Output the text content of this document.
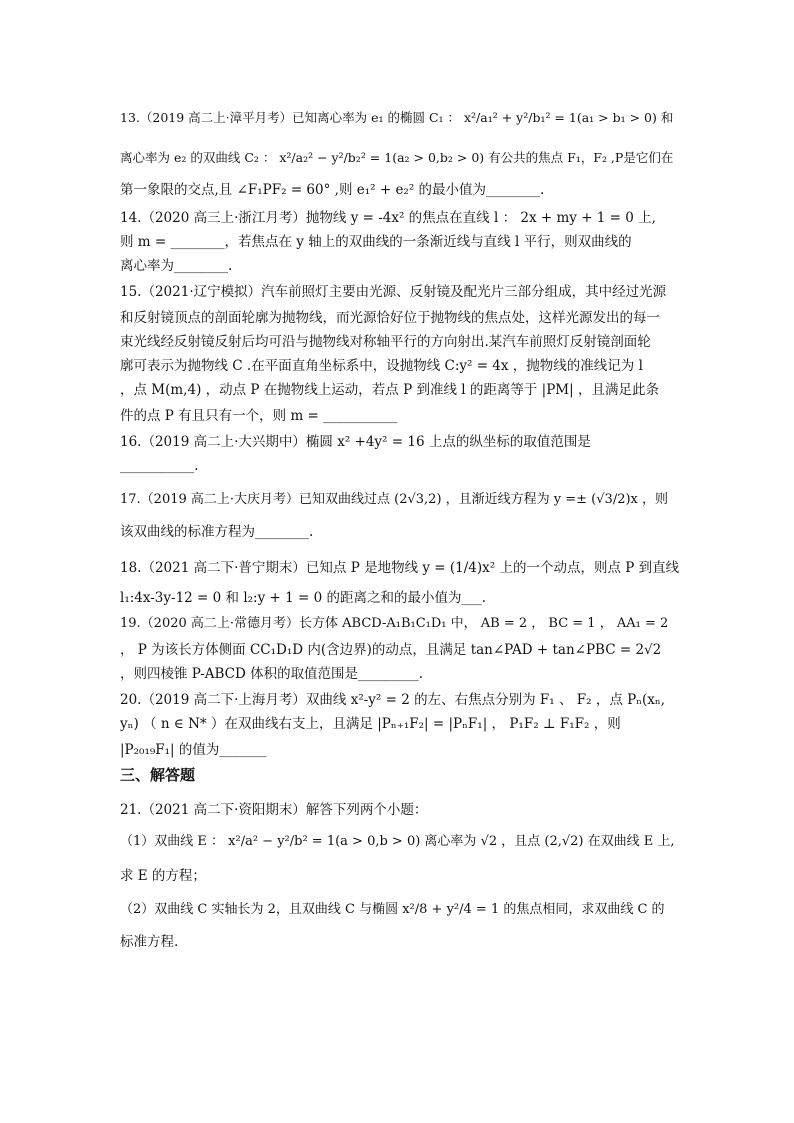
13.（2019 高二上·漳平月考）已知离心率为 e₁ 的椭圆 C₁ ： x²/a₁² + y²/b₁² = 1(a₁ > b₁ > 0) 和
离心率为 e₂ 的双曲线 C₂ ： x²/a₂² − y²/b₂² = 1(a₂ > 0,b₂ > 0) 有公共的焦点 F₁，F₂ ,P是它们在
第一象限的交点,且 ∠F₁PF₂ = 60° ,则 e₁² + e₂² 的最小值为________.
14.（2020 高三上·浙江月考）抛物线 y = -4x² 的焦点在直线 l ： 2x + my + 1 = 0 上,
则 m = ________，若焦点在 y 轴上的双曲线的一条渐近线与直线 l 平行，则双曲线的
离心率为________.
15.（2021·辽宁模拟）汽车前照灯主要由光源、反射镜及配光片三部分组成，其中经过光源
和反射镜顶点的剖面轮廓为抛物线，而光源恰好位于抛物线的焦点处，这样光源发出的每一
束光线经反射镜反射后均可沿与抛物线对称轴平行的方向射出.某汽车前照灯反射镜剖面轮
廓可表示为抛物线 C .在平面直角坐标系中，设抛物线 C:y² = 4x ，抛物线的准线记为 l
，点 M(m,4) ，动点 P 在抛物线上运动，若点 P 到准线 l 的距离等于 |PM| ，且满足此条
件的点 P 有且只有一个，则 m = ___________
16.（2019 高二上·大兴期中）椭圆 x² +4y² = 16 上点的纵坐标的取值范围是
___________.
17.（2019 高二上·大庆月考）已知双曲线过点 (2√3,2) ，且渐近线方程为 y =± (√3/2)x ，则
该双曲线的标准方程为________.
18.（2021 高二下·普宁期末）已知点 P 是地物线 y = (1/4)x² 上的一个动点，则点 P 到直线
l₁:4x-3y-12 = 0 和 l₂:y + 1 = 0 的距离之和的最小值为___.
19.（2020 高二上·常德月考）长方体 ABCD-A₁B₁C₁D₁ 中， AB = 2 ， BC = 1 ， AA₁ = 2
， P 为该长方体侧面 CC₁D₁D 内(含边界)的动点，且满足 tan∠PAD + tan∠PBC = 2√2
，则四棱锥 P-ABCD 体积的取值范围是_________.
20.（2019 高二下·上海月考）双曲线 x²-y² = 2 的左、右焦点分别为 F₁ 、 F₂ ，点 Pₙ(xₙ,
yₙ) （ n ∈ N* ）在双曲线右支上，且满足 |Pₙ₊₁F₂| = |PₙF₁| ， P₁F₂ ⊥ F₁F₂ ，则
|P₂₀₁₉F₁| 的值为_______
三、解答题
21.（2021 高二下·资阳期末）解答下列两个小题：
（1）双曲线 E ： x²/a² − y²/b² = 1(a > 0,b > 0) 离心率为 √2 ，且点 (2,√2) 在双曲线 E 上,
求 E 的方程；
（2）双曲线 C 实轴长为 2，且双曲线 C 与椭圆 x²/8 + y²/4 = 1 的焦点相同，求双曲线 C 的
标准方程.
